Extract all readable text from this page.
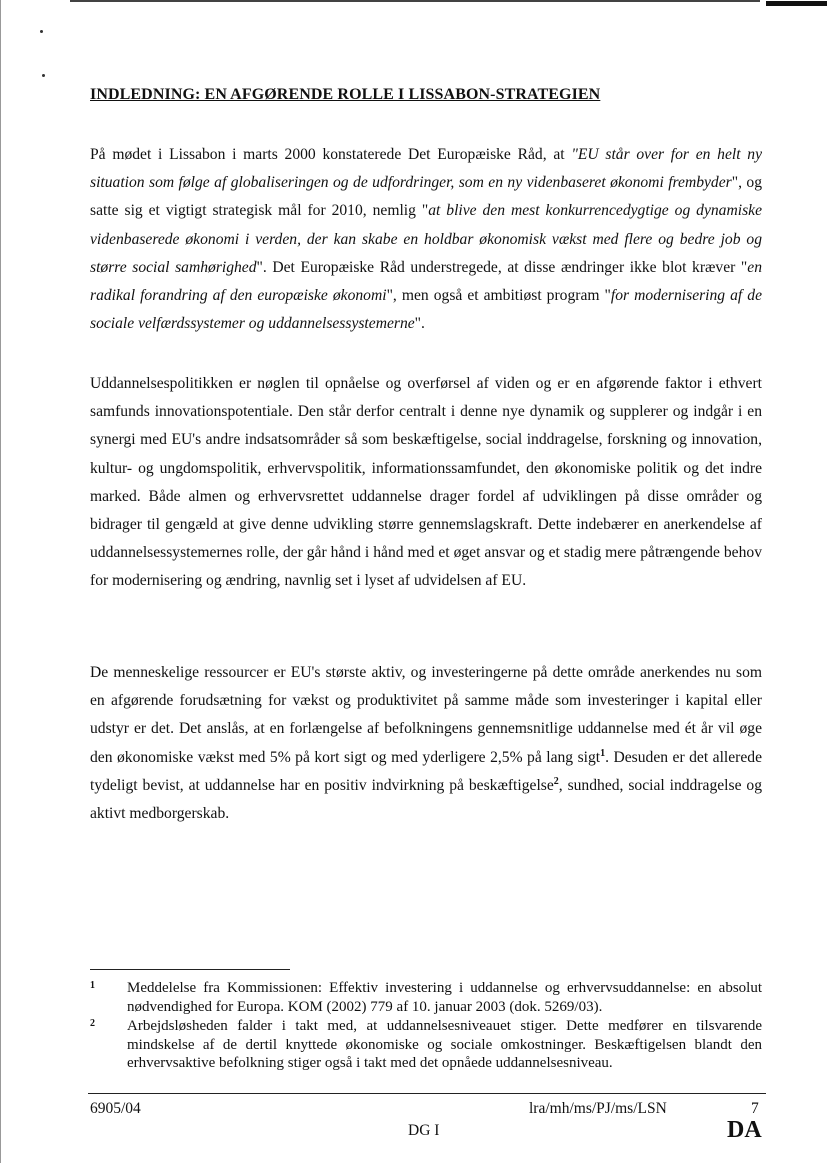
INDLEDNING: EN AFGØRENDE ROLLE I LISSABON-STRATEGIEN

På mødet i Lissabon i marts 2000 konstaterede Det Europæiske Råd, at "EU står over for en helt ny situation som følge af globaliseringen og de udfordringer, som en ny videnbaseret økonomi frembyder", og satte sig et vigtigt strategisk mål for 2010, nemlig "at blive den mest konkurrencedygtige og dynamiske videnbaserede økonomi i verden, der kan skabe en holdbar økonomisk vækst med flere og bedre job og større social samhørighed". Det Europæiske Råd understregede, at disse ændringer ikke blot kræver "en radikal forandring af den europæiske økonomi", men også et ambitiøst program "for modernisering af de sociale velfærdssystemer og uddannelsessystemerne".

Uddannelsespolitikken er nøglen til opnåelse og overførsel af viden og er en afgørende faktor i ethvert samfunds innovationspotentiale. Den står derfor centralt i denne nye dynamik og supplerer og indgår i en synergi med EU's andre indsatsområder så som beskæftigelse, social inddragelse, forskning og innovation, kultur- og ungdomspolitik, erhvervspolitik, informationssamfundet, den økonomiske politik og det indre marked. Både almen og erhvervsrettet uddannelse drager fordel af udviklingen på disse områder og bidrager til gengæld at give denne udvikling større gennemslagskraft. Dette indebærer en anerkendelse af uddannelsessystemernes rolle, der går hånd i hånd med et øget ansvar og et stadig mere påtrængende behov for modernisering og ændring, navnlig set i lyset af udvidelsen af EU.

De menneskelige ressourcer er EU's største aktiv, og investeringerne på dette område anerkendes nu som en afgørende forudsætning for vækst og produktivitet på samme måde som investeringer i kapital eller udstyr er det. Det anslås, at en forlængelse af befolkningens gennemsnitlige uddannelse med ét år vil øge den økonomiske vækst med 5% på kort sigt og med yderligere 2,5% på lang sigt$^1$. Desuden er det allerede tydeligt bevist, at uddannelse har en positiv indvirkning på beskæftigelse$^2$, sundhed, social inddragelse og aktivt medborgerskab.

1 Meddelelse fra Kommissionen: Effektiv investering i uddannelse og erhvervsuddannelse: en absolut nødvendighed for Europa. KOM (2002) 779 af 10. januar 2003 (dok. 5269/03).
2 Arbejdsløsheden falder i takt med, at uddannelsesniveauet stiger. Dette medfører en tilsvarende mindskelse af de dertil knyttede økonomiske og sociale omkostninger. Beskæftigelsen blandt den erhvervsaktive befolkning stiger også i takt med det opnåede uddannelsesniveau.
6905/04	lra/mh/ms/PJ/ms/LSN	7
DG I	DA
